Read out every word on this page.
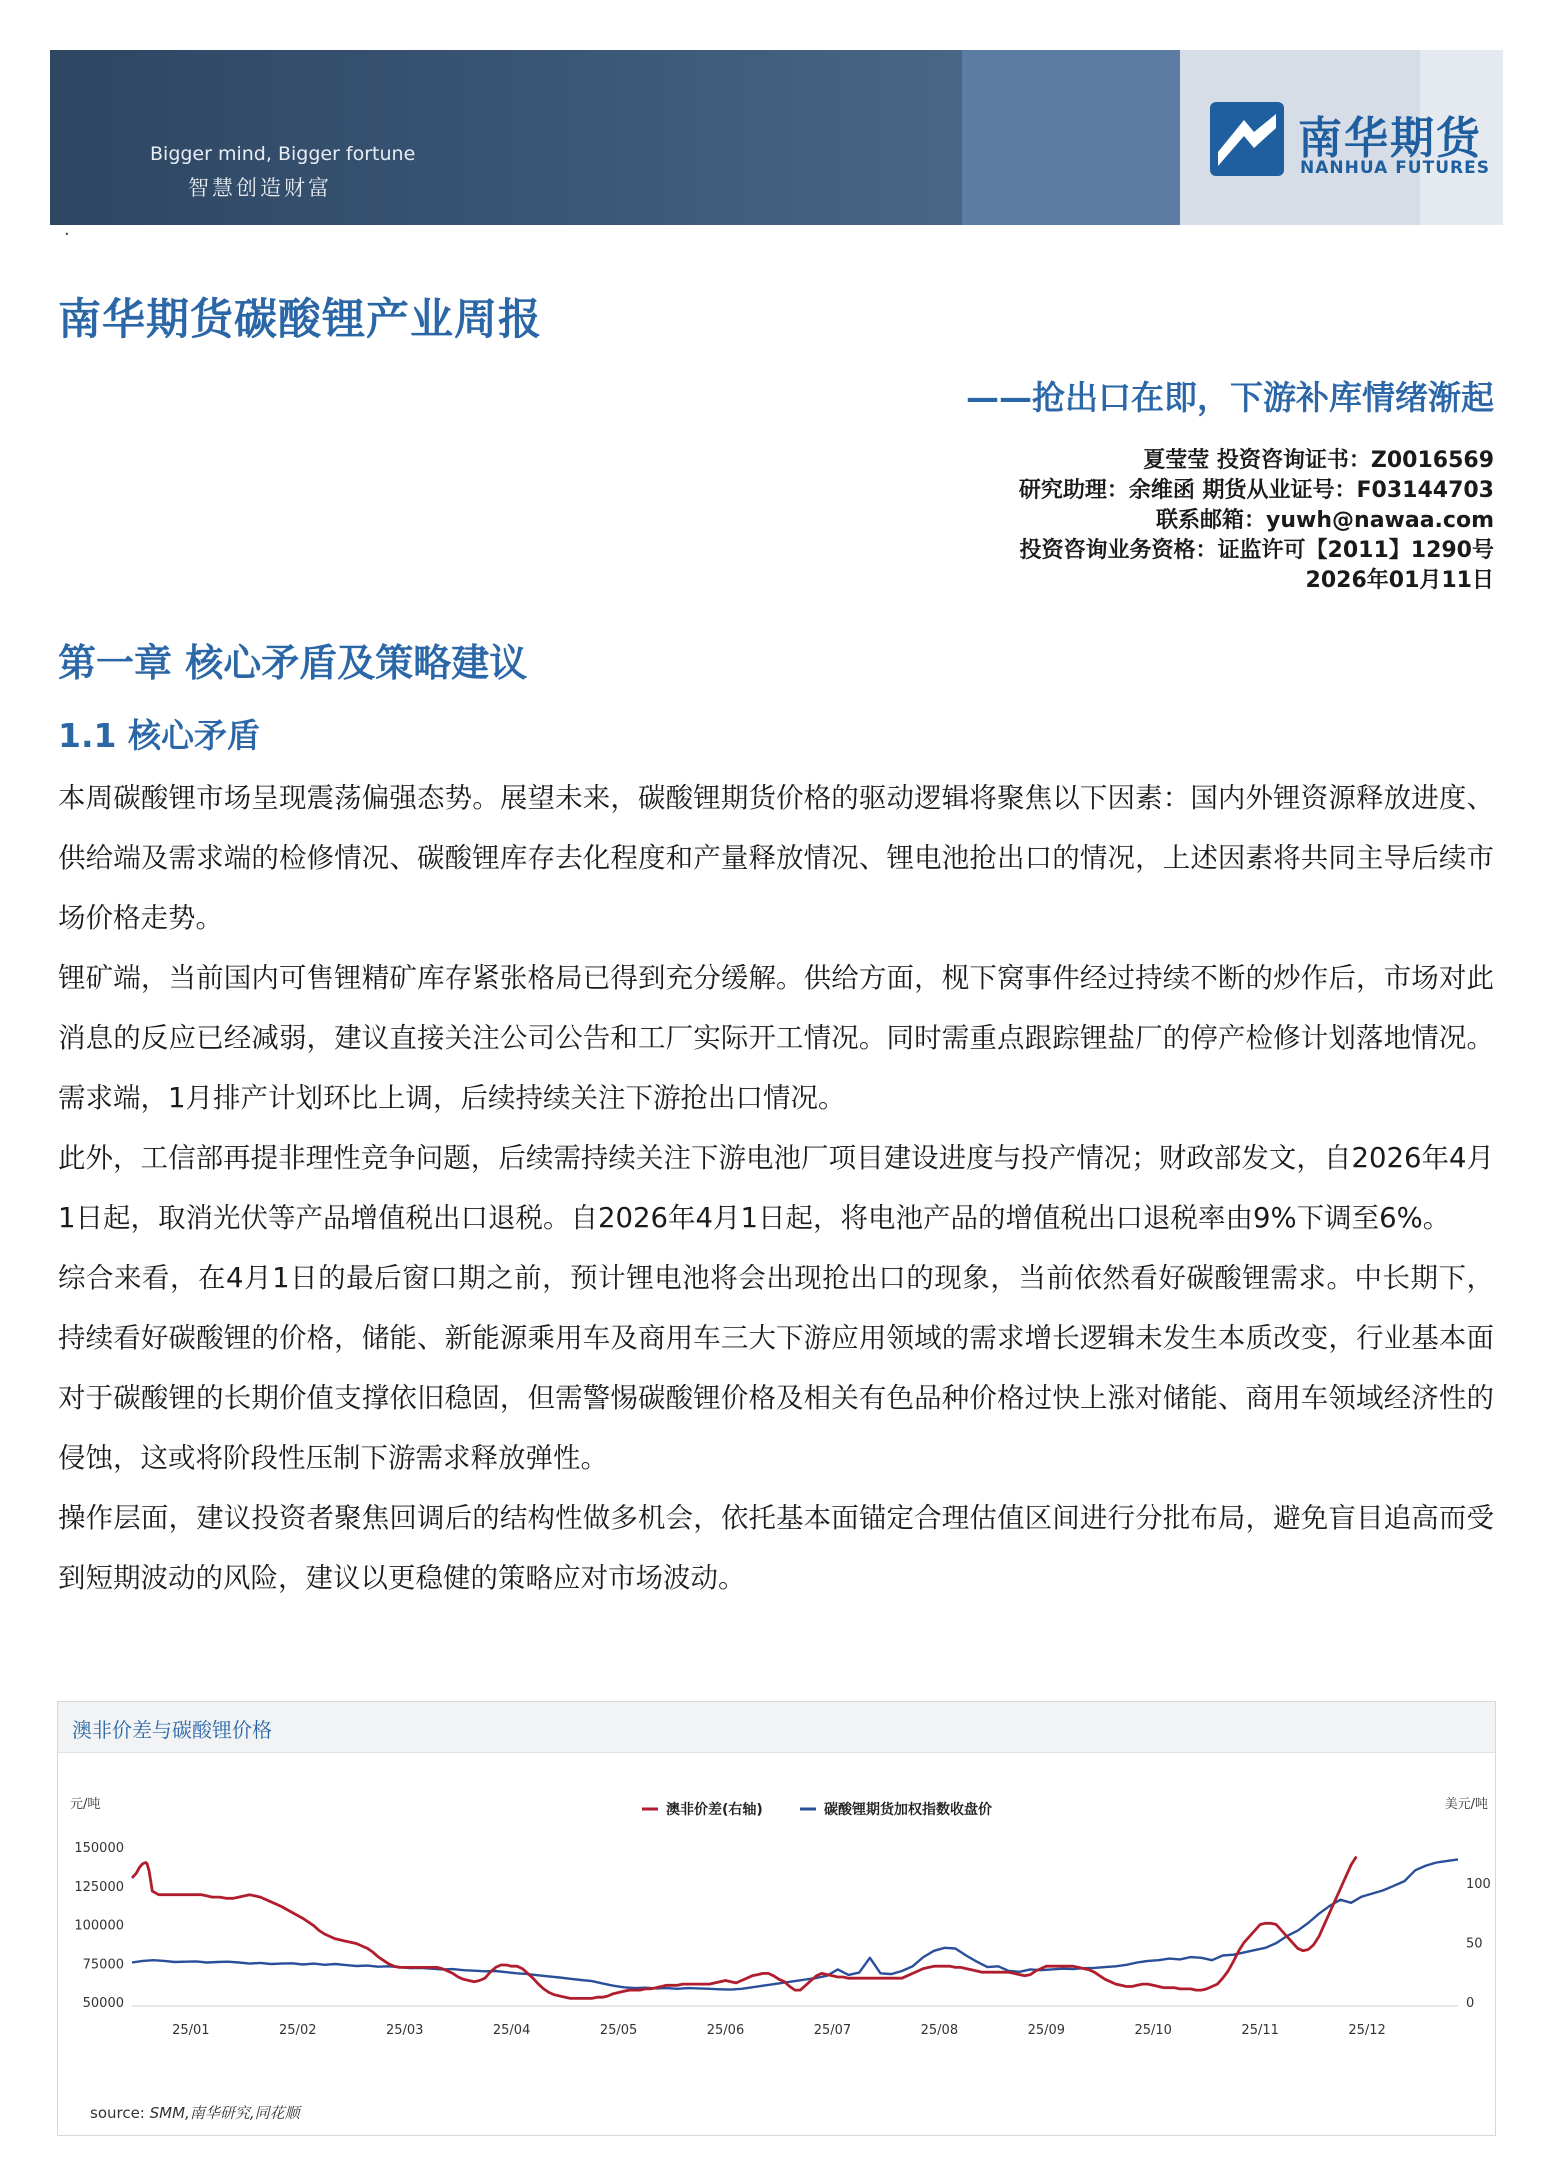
Bigger mind, Bigger fortune
智慧创造财富
南华期货
NANHUA FUTURES
·
南华期货碳酸锂产业周报
——抢出口在即，下游补库情绪渐起
夏莹莹 投资咨询证书：Z0016569
研究助理：余维函 期货从业证号：F03144703
联系邮箱：yuwh@nawaa.com
投资咨询业务资格：证监许可【2011】1290号
2026年01月11日
第一章 核心矛盾及策略建议
1.1 核心矛盾

本周碳酸锂市场呈现震荡偏强态势。展望未来，碳酸锂期货价格的驱动逻辑将聚焦以下因素：国内外锂资源释放进度、供给端及需求端的检修情况、碳酸锂库存去化程度和产量释放情况、锂电池抢出口的情况，上述因素将共同主导后续市场价格走势。

锂矿端，当前国内可售锂精矿库存紧张格局已得到充分缓解。供给方面，枧下窝事件经过持续不断的炒作后，市场对此消息的反应已经减弱，建议直接关注公司公告和工厂实际开工情况。同时需重点跟踪锂盐厂的停产检修计划落地情况。需求端，1月排产计划环比上调，后续持续关注下游抢出口情况。

此外，工信部再提非理性竞争问题，后续需持续关注下游电池厂项目建设进度与投产情况；财政部发文，自2026年4月1日起，取消光伏等产品增值税出口退税。自2026年4月1日起，将电池产品的增值税出口退税率由9%下调至6%。

综合来看，在4月1日的最后窗口期之前，预计锂电池将会出现抢出口的现象，当前依然看好碳酸锂需求。中长期下，持续看好碳酸锂的价格，储能、新能源乘用车及商用车三大下游应用领域的需求增长逻辑未发生本质改变，行业基本面对于碳酸锂的长期价值支撑依旧稳固，但需警惕碳酸锂价格及相关有色品种价格过快上涨对储能、商用车领域经济性的侵蚀，这或将阶段性压制下游需求释放弹性。

操作层面，建议投资者聚焦回调后的结构性做多机会，依托基本面锚定合理估值区间进行分批布局，避免盲目追高而受到短期波动的风险，建议以更稳健的策略应对市场波动。

澳非价差与碳酸锂价格
150000
125000
100000
75000
50000
100
50
0
元/吨	美元/吨
25/01	25/02	25/03	25/04	25/05	25/06	25/07	25/08	25/09	25/10	25/11	25/12
澳非价差(右轴)	碳酸锂期货加权指数收盘价
source: SMM,南华研究,同花顺
